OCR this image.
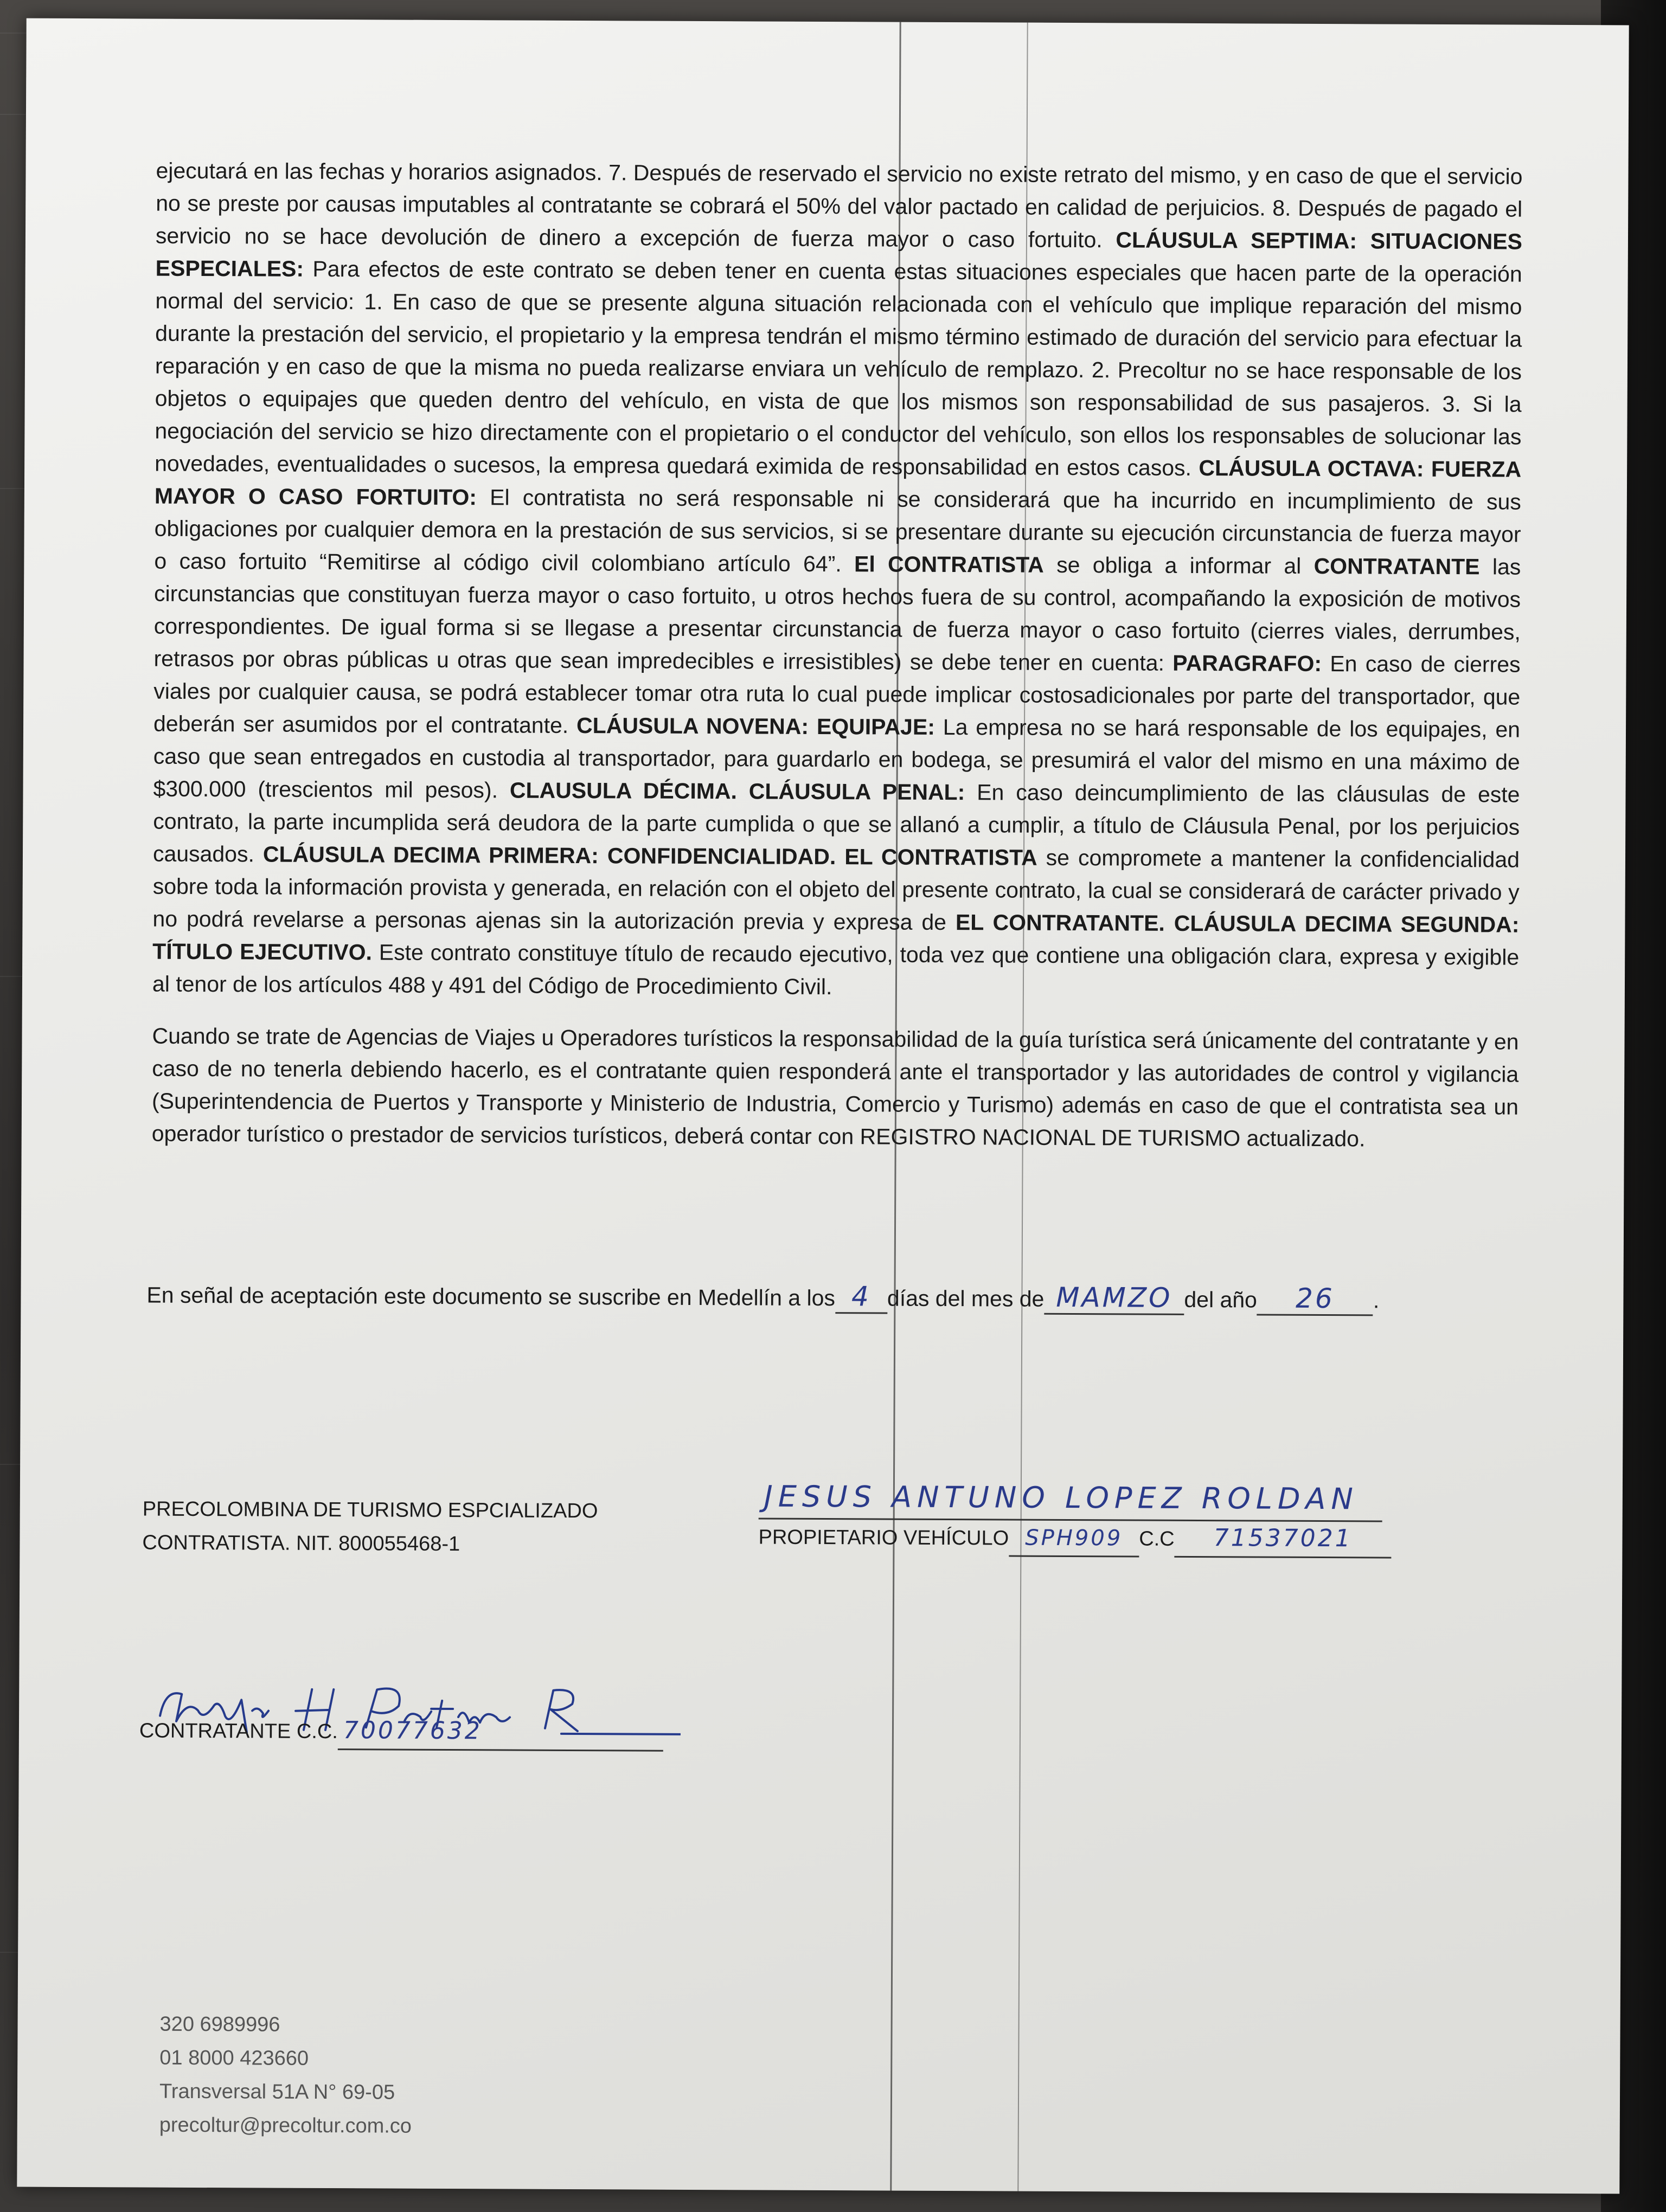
ejecutará en las fechas y horarios asignados. 7. Después de reservado el servicio no existe retrato del mismo, y en caso de que el servicio no se preste por causas imputables al contratante se cobrará el 50% del valor pactado en calidad de perjuicios. 8. Después de pagado el servicio no se hace devolución de dinero a excepción de fuerza mayor o caso fortuito. CLÁUSULA SEPTIMA: SITUACIONES ESPECIALES: Para efectos de este contrato se deben tener en cuenta estas situaciones especiales que hacen parte de la operación normal del servicio: 1. En caso de que se presente alguna situación relacionada con el vehículo que implique reparación del mismo durante la prestación del servicio, el propietario y la empresa tendrán el mismo término estimado de duración del servicio para efectuar la reparación y en caso de que la misma no pueda realizarse enviara un vehículo de remplazo. 2. Precoltur no se hace responsable de los objetos o equipajes que queden dentro del vehículo, en vista de que los mismos son responsabilidad de sus pasajeros. 3. Si la negociación del servicio se hizo directamente con el propietario o el conductor del vehículo, son ellos los responsables de solucionar las novedades, eventualidades o sucesos, la empresa quedará eximida de responsabilidad en estos casos. CLÁUSULA OCTAVA: FUERZA MAYOR O CASO FORTUITO: El contratista no será responsable ni se considerará que ha incurrido en incumplimiento de sus obligaciones por cualquier demora en la prestación de sus servicios, si se presentare durante su ejecución circunstancia de fuerza mayor o caso fortuito “Remitirse al código civil colombiano artículo 64”. El CONTRATISTA se obliga a informar al CONTRATANTE las circunstancias que constituyan fuerza mayor o caso fortuito, u otros hechos fuera de su control, acompañando la exposición de motivos correspondientes. De igual forma si se llegase a presentar circunstancia de fuerza mayor o caso fortuito (cierres viales, derrumbes, retrasos por obras públicas u otras que sean impredecibles e irresistibles) se debe tener en cuenta: PARAGRAFO: En caso de cierres viales por cualquier causa, se podrá establecer tomar otra ruta lo cual puede implicar costosadicionales por parte del transportador, que deberán ser asumidos por el contratante. CLÁUSULA NOVENA: EQUIPAJE: La empresa no se hará responsable de los equipajes, en caso que sean entregados en custodia al transportador, para guardarlo en bodega, se presumirá el valor del mismo en una máximo de $300.000 (trescientos mil pesos). CLAUSULA DÉCIMA. CLÁUSULA PENAL: En caso deincumplimiento de las cláusulas de este contrato, la parte incumplida será deudora de la parte cumplida o que se allanó a cumplir, a título de Cláusula Penal, por los perjuicios causados. CLÁUSULA DECIMA PRIMERA: CONFIDENCIALIDAD. EL CONTRATISTA se compromete a mantener la confidencialidad sobre toda la información provista y generada, en relación con el objeto del presente contrato, la cual se considerará de carácter privado y no podrá revelarse a personas ajenas sin la autorización previa y expresa de EL CONTRATANTE. CLÁUSULA DECIMA SEGUNDA: TÍTULO EJECUTIVO. Este contrato constituye título de recaudo ejecutivo, toda vez que contiene una obligación clara, expresa y exigible al tenor de los artículos 488 y 491 del Código de Procedimiento Civil.

Cuando se trate de Agencias de Viajes u Operadores turísticos la responsabilidad de la guía turística será únicamente del contratante y en caso de no tenerla debiendo hacerlo, es el contratante quien responderá ante el transportador y las autoridades de control y vigilancia (Superintendencia de Puertos y Transporte y Ministerio de Industria, Comercio y Turismo) además en caso de que el contratista sea un operador turístico o prestador de servicios turísticos, deberá contar con REGISTRO NACIONAL DE TURISMO actualizado.

En señal de aceptación este documento se suscribe en Medellín a los 4 días del mes de MAMZO del año 26 .
PRECOLOMBINA DE TURISMO ESPCIALIZADO
CONTRATISTA. NIT. 800055468-1
JESUS ANTUNO LOPEZ ROLDAN
PROPIETARIO VEHÍCULO SPH909 C.C 71537021
CONTRATANTE C.C. 70077632
320 6989996
01 8000 423660
Transversal 51A N° 69-05
precoltur@precoltur.com.co
